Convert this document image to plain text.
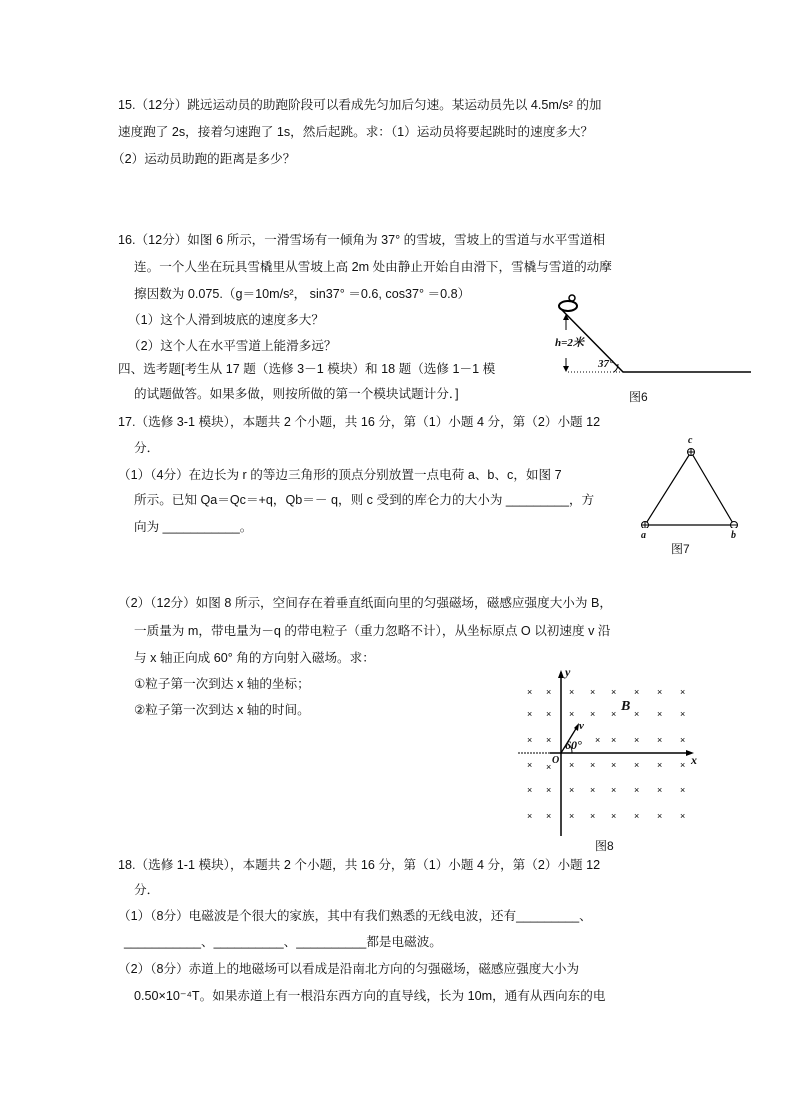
15.（12分）跳远运动员的助跑阶段可以看成先匀加后匀速。某运动员先以 4.5m/s² 的加
速度跑了 2s，接着匀速跑了 1s，然后起跳。求：（1）运动员将要起跳时的速度多大？
（2）运动员助跑的距离是多少？
16.（12分）如图 6 所示，一滑雪场有一倾角为 37° 的雪坡，雪坡上的雪道与水平雪道相
连。一个人坐在玩具雪橇里从雪坡上高 2m 处由静止开始自由滑下，雪橇与雪道的动摩
擦因数为 0.075.（g＝10m/s²， sin37° ＝0.6, cos37° ＝0.8）
（1）这个人滑到坡底的速度多大？
（2）这个人在水平雪道上能滑多远？	h=2米
37°
图6
四、选考题[考生从 17 题（选修 3－1 模块）和 18 题（选修 1－1 模
的试题做答。如果多做，则按所做的第一个模块试题计分．]
17.（选修 3-1 模块），本题共 2 个小题，共 16 分，第（1）小题 4 分，第（2）小题 12
分．
（1）（4分）在边长为 r 的等边三角形的顶点分别放置一点电荷 a、b、c，如图 7
所示。已知 Qa＝Qc＝+q，Qb＝－ q，则 c 受到的库仑力的大小为 _________，方
向为 ___________。
c
a	b
图7
（2）（12分）如图 8 所示，空间存在着垂直纸面向里的匀强磁场，磁感应强度大小为 B，
一质量为 m，带电量为－q 的带电粒子（重力忽略不计），从坐标原点 O 以初速度 v 沿
与 x 轴正向成 60° 角的方向射入磁场。求：
①粒子第一次到达 x 轴的坐标；
②粒子第一次到达 x 轴的时间。
× × × × × × × ×
× × × × × × × ×
× ×	× × × × ×
× × × × × × × ×
× × × × × × × ×
× × × × × × × ×
y
x
O
B
v
60°
图8
18.（选修 1-1 模块），本题共 2 个小题，共 16 分，第（1）小题 4 分，第（2）小题 12
分．
（1）（8分）电磁波是个很大的家族，其中有我们熟悉的无线电波，还有_________、
___________、__________、__________都是电磁波。
（2）（8分）赤道上的地磁场可以看成是沿南北方向的匀强磁场，磁感应强度大小为
0.50×10⁻⁴T。如果赤道上有一根沿东西方向的直导线，长为 10m，通有从西向东的电
